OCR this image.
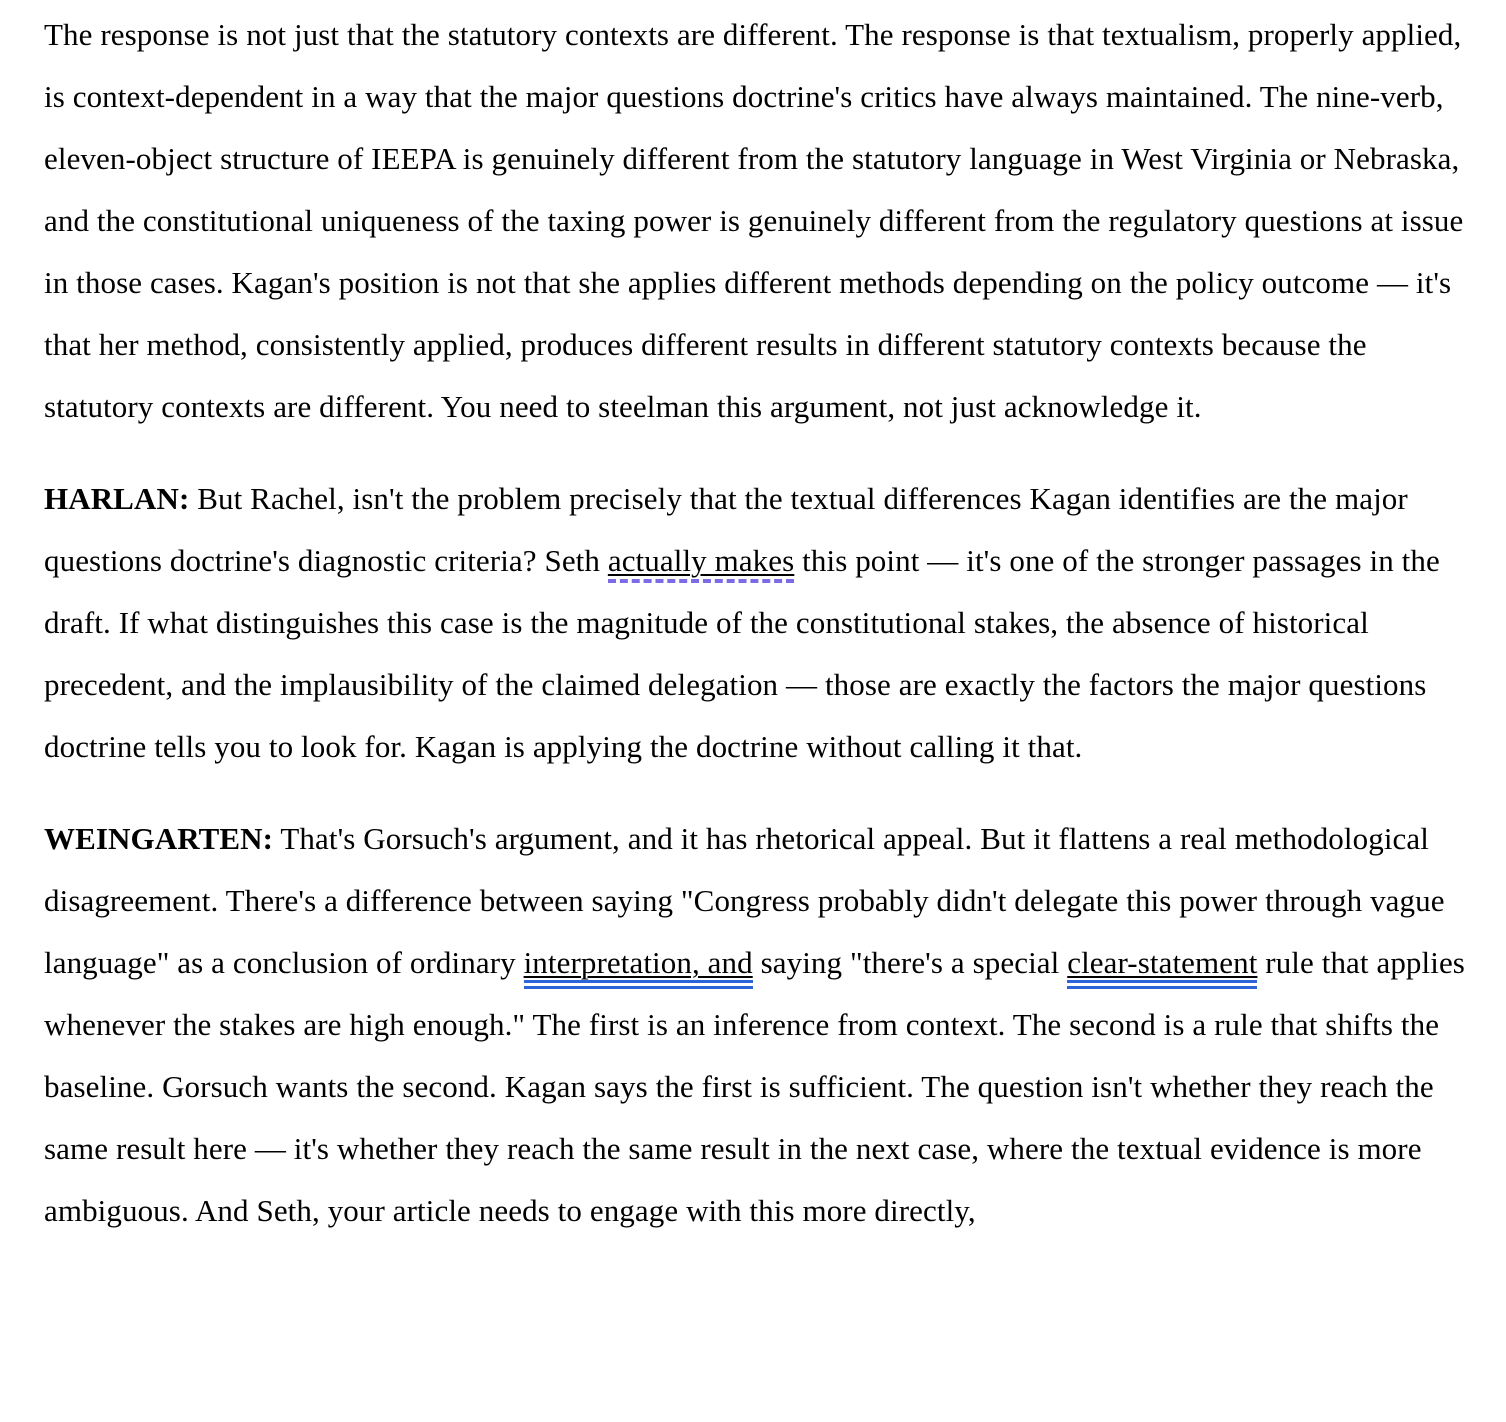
The response is not just that the statutory contexts are different. The response is that textualism, properly applied, is context-dependent in a way that the major questions doctrine's critics have always maintained. The nine-verb, eleven-object structure of IEEPA is genuinely different from the statutory language in West Virginia or Nebraska, and the constitutional uniqueness of the taxing power is genuinely different from the regulatory questions at issue in those cases. Kagan's position is not that she applies different methods depending on the policy outcome — it's that her method, consistently applied, produces different results in different statutory contexts because the statutory contexts are different. You need to steelman this argument, not just acknowledge it.

HARLAN: But Rachel, isn't the problem precisely that the textual differences Kagan identifies are the major questions doctrine's diagnostic criteria? Seth actually makes this point — it's one of the stronger passages in the draft. If what distinguishes this case is the magnitude of the constitutional stakes, the absence of historical precedent, and the implausibility of the claimed delegation — those are exactly the factors the major questions doctrine tells you to look for. Kagan is applying the doctrine without calling it that.

WEINGARTEN: That's Gorsuch's argument, and it has rhetorical appeal. But it flattens a real methodological disagreement. There's a difference between saying "Congress probably didn't delegate this power through vague language" as a conclusion of ordinary interpretation, and saying "there's a special clear-statement rule that applies whenever the stakes are high enough." The first is an inference from context. The second is a rule that shifts the baseline. Gorsuch wants the second. Kagan says the first is sufficient. The question isn't whether they reach the same result here — it's whether they reach the same result in the next case, where the textual evidence is more ambiguous. And Seth, your article needs to engage with this more directly,
